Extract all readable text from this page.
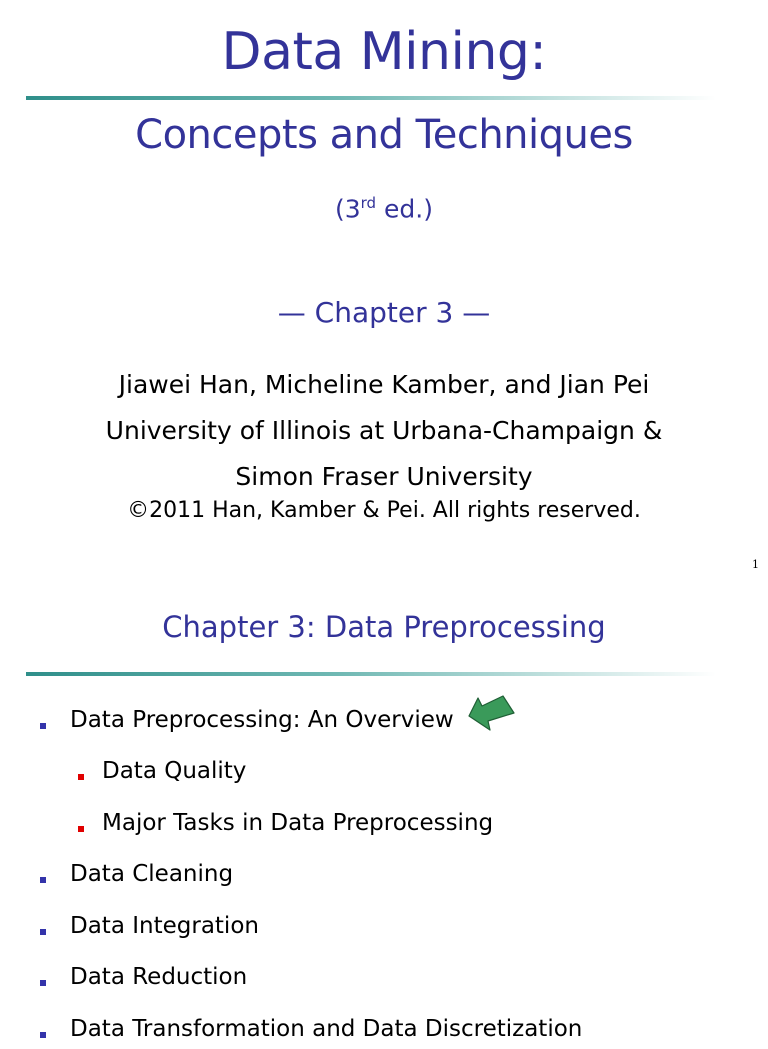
Data Mining:
Concepts and Techniques
(3rd ed.)
— Chapter 3 —
Jiawei Han, Micheline Kamber, and Jian Pei
University of Illinois at Urbana-Champaign &
Simon Fraser University
©2011 Han, Kamber & Pei. All rights reserved.
1
Chapter 3: Data Preprocessing
Data Preprocessing: An Overview
Data Quality
Major Tasks in Data Preprocessing
Data Cleaning
Data Integration
Data Reduction
Data Transformation and Data Discretization
